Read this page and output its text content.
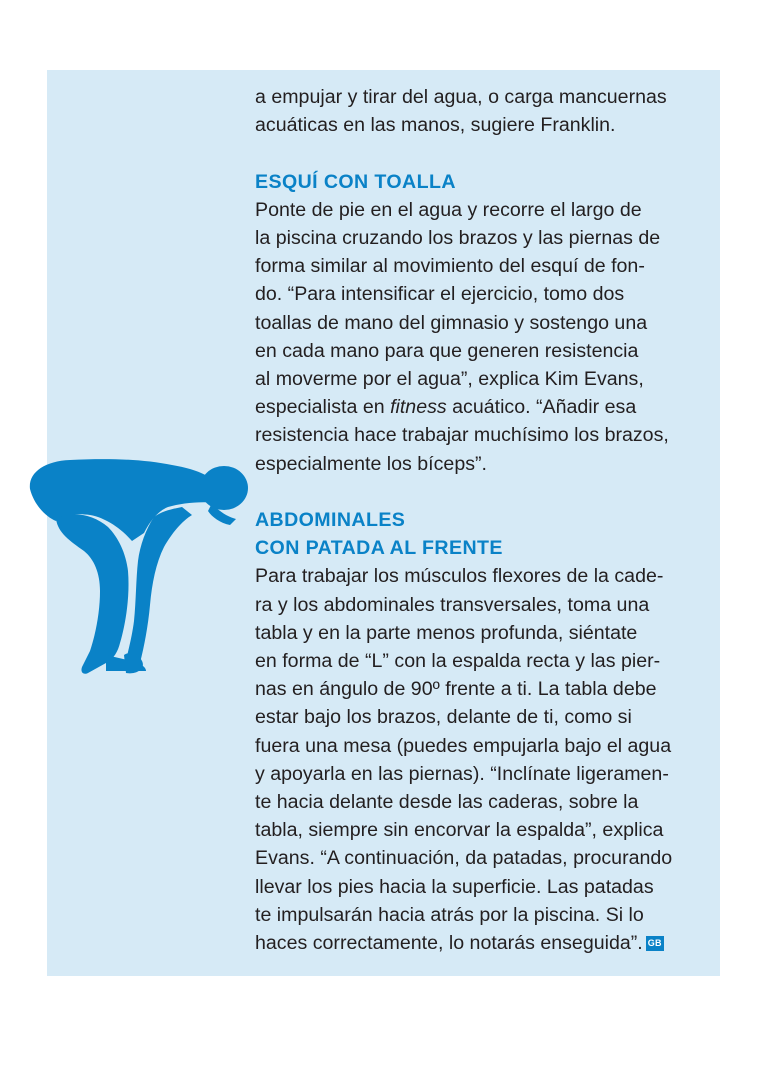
a empujar y tirar del agua, o carga mancuernas
acuáticas en las manos, sugiere Franklin.

ESQUÍ CON TOALLA

Ponte de pie en el agua y recorre el largo de
la piscina cruzando los brazos y las piernas de
forma similar al movimiento del esquí de fon-
do. “Para intensificar el ejercicio, tomo dos
toallas de mano del gimnasio y sostengo una
en cada mano para que generen resistencia
al moverme por el agua”, explica Kim Evans,
especialista en fitness acuático. “Añadir esa
resistencia hace trabajar muchísimo los brazos,
especialmente los bíceps”.

ABDOMINALES
CON PATADA AL FRENTE

Para trabajar los músculos flexores de la cade-
ra y los abdominales transversales, toma una
tabla y en la parte menos profunda, siéntate
en forma de “L” con la espalda recta y las pier-
nas en ángulo de 90º frente a ti. La tabla debe
estar bajo los brazos, delante de ti, como si
fuera una mesa (puedes empujarla bajo el agua
y apoyarla en las piernas). “Inclínate ligeramen-
te hacia delante desde las caderas, sobre la
tabla, siempre sin encorvar la espalda”, explica
Evans. “A continuación, da patadas, procurando
llevar los pies hacia la superficie. Las patadas
te impulsarán hacia atrás por la piscina. Si lo
haces correctamente, lo notarás enseguida”. GB
